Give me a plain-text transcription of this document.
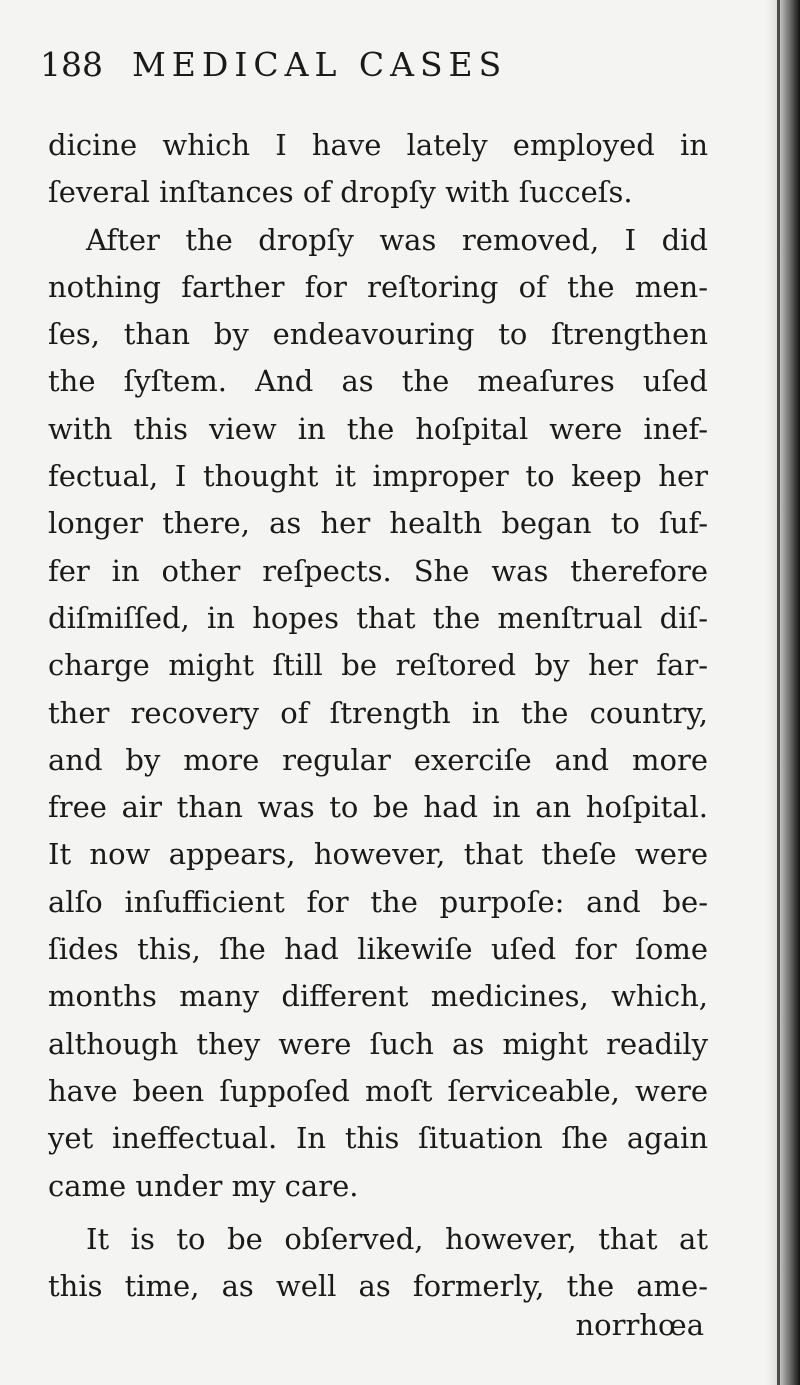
188 MEDICAL CASES
dicine which I have lately employed in
ſeveral inſtances of dropſy with ſucceſs.
After the dropſy was removed, I did
nothing farther for reſtoring of the men-
ſes, than by endeavouring to ſtrengthen
the ſyſtem. And as the meaſures uſed
with this view in the hoſpital were inef-
fectual, I thought it improper to keep her
longer there, as her health began to ſuf-
fer in other reſpects. She was therefore
diſmiſſed, in hopes that the menſtrual diſ-
charge might ſtill be reſtored by her far-
ther recovery of ſtrength in the country,
and by more regular exerciſe and more
free air than was to be had in an hoſpital.
It now appears, however, that theſe were
alſo inſufficient for the purpoſe: and be-
ſides this, ſhe had likewiſe uſed for ſome
months many different medicines, which,
although they were ſuch as might readily
have been ſuppoſed moſt ſerviceable, were
yet ineffectual. In this ſituation ſhe again
came under my care.
It is to be obſerved, however, that at
this time, as well as formerly, the ame-
norrhœa
